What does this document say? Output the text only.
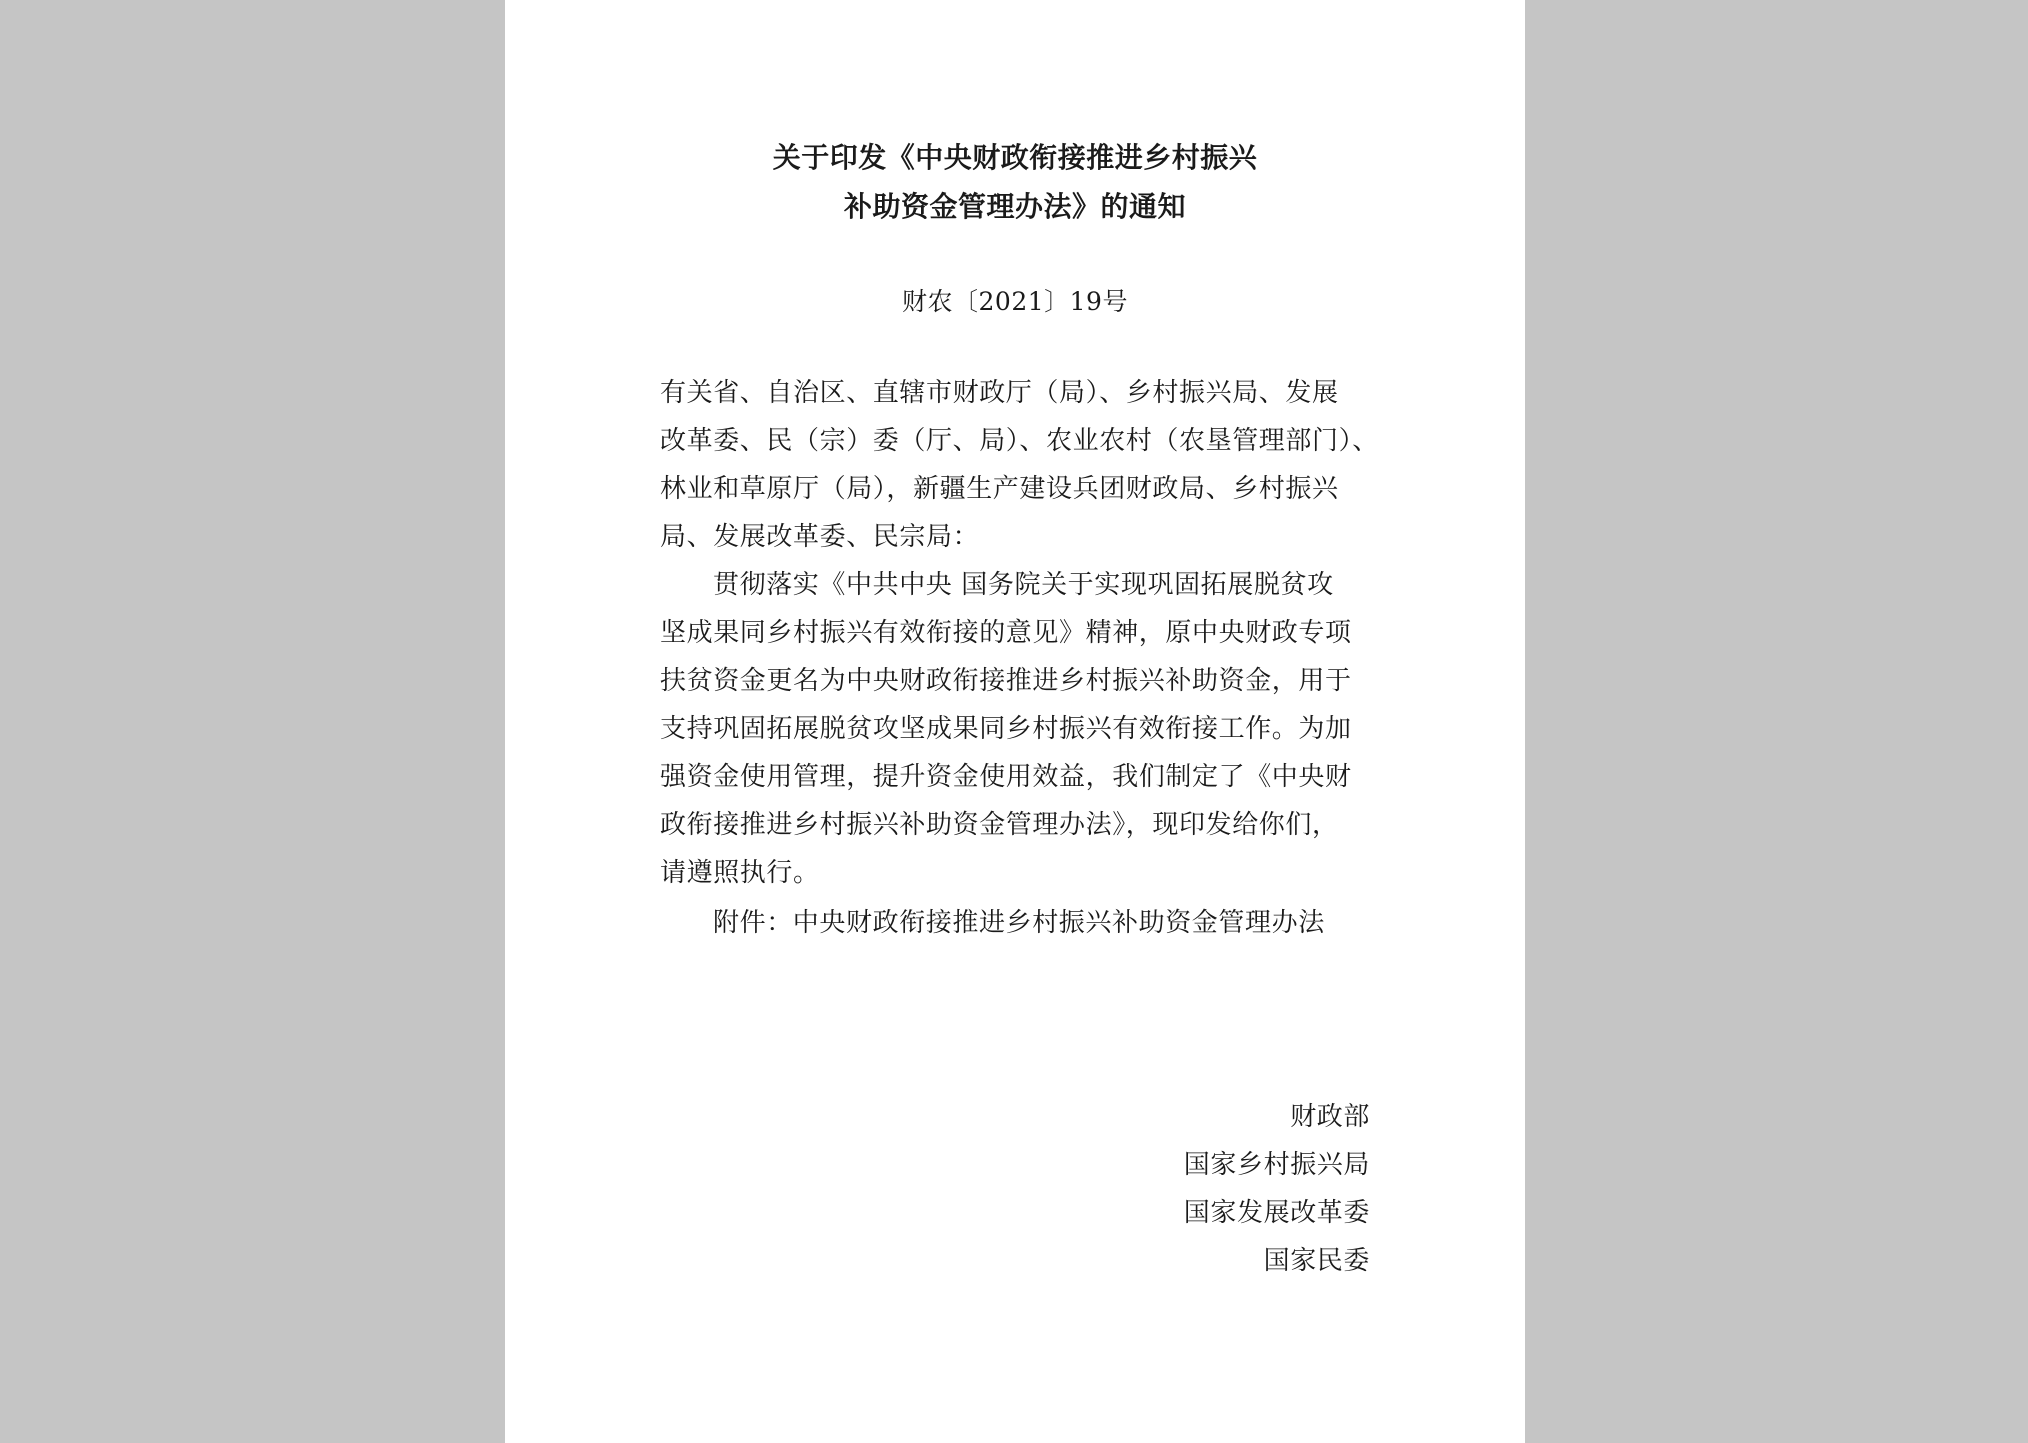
关于印发《中央财政衔接推进乡村振兴
补助资金管理办法》的通知
财农〔2021〕19号
有关省、自治区、直辖市财政厅（局）、乡村振兴局、发展
改革委、民（宗）委（厅、局）、农业农村（农垦管理部门）、
林业和草原厅（局），新疆生产建设兵团财政局、乡村振兴
局、发展改革委、民宗局：
贯彻落实《中共中央 国务院关于实现巩固拓展脱贫攻
坚成果同乡村振兴有效衔接的意见》精神，原中央财政专项
扶贫资金更名为中央财政衔接推进乡村振兴补助资金，用于
支持巩固拓展脱贫攻坚成果同乡村振兴有效衔接工作。为加
强资金使用管理，提升资金使用效益，我们制定了《中央财
政衔接推进乡村振兴补助资金管理办法》，现印发给你们，
请遵照执行。
附件：中央财政衔接推进乡村振兴补助资金管理办法
财政部
国家乡村振兴局
国家发展改革委
国家民委
